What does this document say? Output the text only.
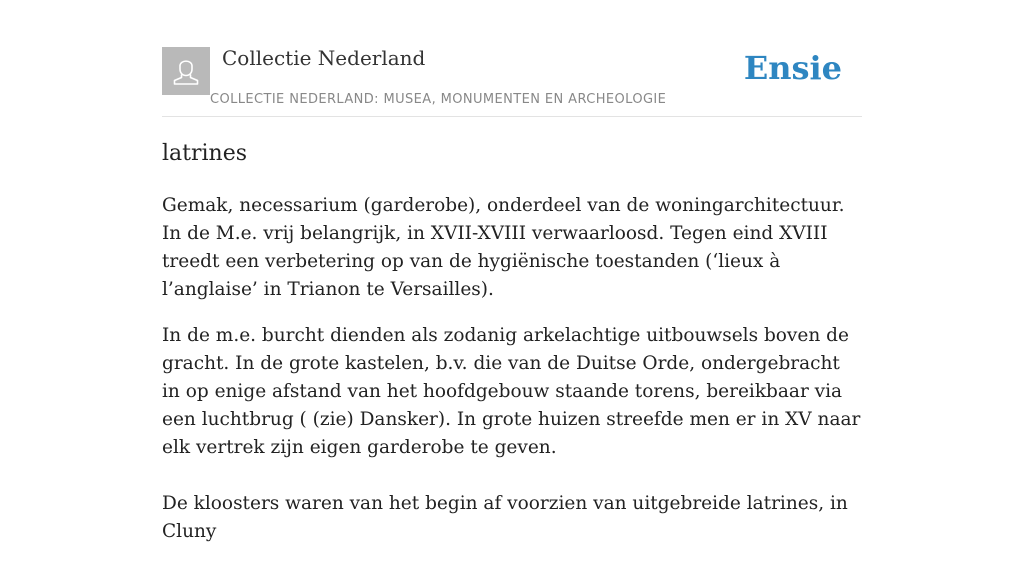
Collectie Nederland
COLLECTIE NEDERLAND: MUSEA, MONUMENTEN EN ARCHEOLOGIE
Ensie
latrines

Gemak, necessarium (garderobe), onderdeel van de woningarchitectuur. In de M.e. vrij belangrijk, in XVII-XVIII verwaarloosd. Tegen eind XVIII treedt een verbetering op van de hygiënische toestanden (‘lieux à l’anglaise’ in Trianon te Versailles).

In de m.e. burcht dienden als zodanig arkelachtige uitbouwsels boven de gracht. In de grote kastelen, b.v. die van de Duitse Orde, ondergebracht in op enige afstand van het hoofdgebouw staande torens, bereikbaar via een luchtbrug ( (zie) Dansker). In grote huizen streefde men er in XV naar elk vertrek zijn eigen garderobe te geven.

De kloosters waren van het begin af voorzien van uitgebreide latrines, in Cluny
